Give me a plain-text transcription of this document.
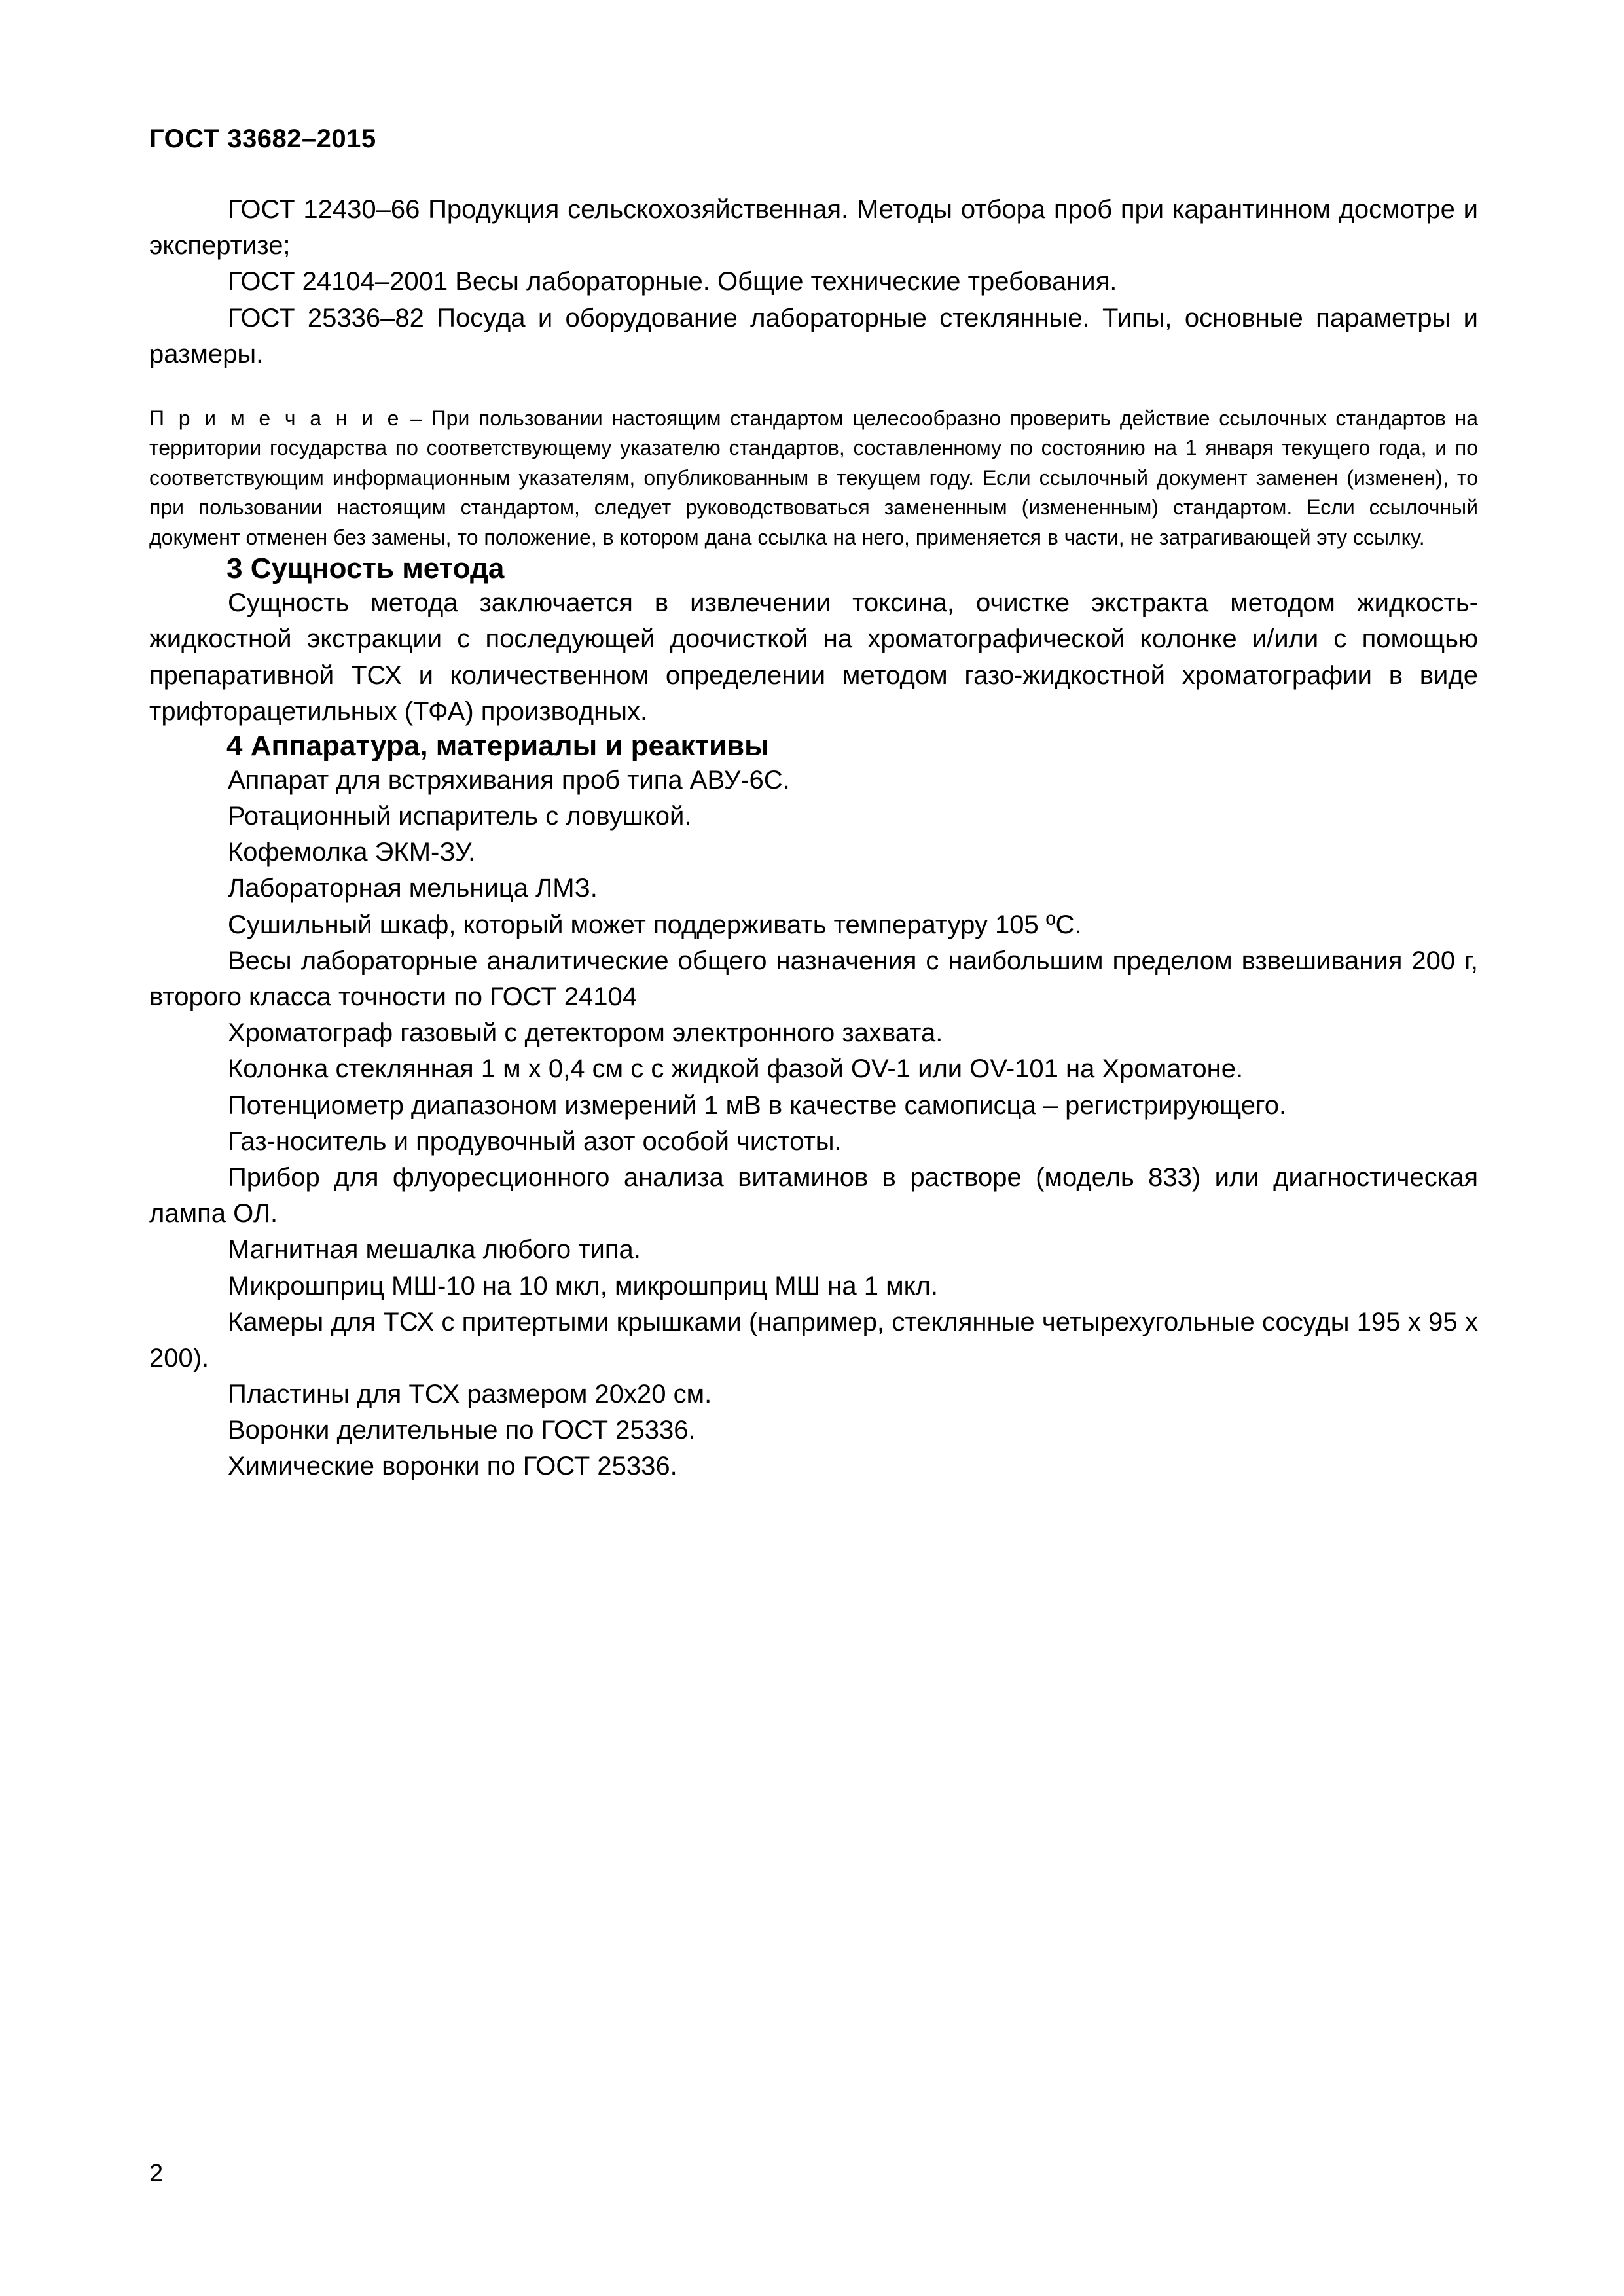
ГОСТ 33682–2015

ГОСТ 12430–66 Продукция сельскохозяйственная. Методы отбора проб при карантинном досмотре и экспертизе;

ГОСТ 24104–2001 Весы лабораторные. Общие технические требования.

ГОСТ 25336–82 Посуда и оборудование лабораторные стеклянные. Типы, основные параметры и размеры.

П р и м е ч а н и е – При пользовании настоящим стандартом целесообразно проверить действие ссылочных стандартов на территории государства по соответствующему указателю стандартов, составленному по состоянию на 1 января текущего года, и по соответствующим информационным указателям, опубликованным в текущем году. Если ссылочный документ заменен (изменен), то при пользовании настоящим стандартом, следует руководствоваться замененным (измененным) стандартом. Если ссылочный документ отменен без замены, то положение, в котором дана ссылка на него, применяется в части, не затрагивающей эту ссылку.

3 Сущность метода

Сущность метода заключается в извлечении токсина, очистке экстракта методом жидкость-жидкостной экстракции с последующей доочисткой на хроматографической колонке и/или с помощью препаративной ТСХ и количественном определении методом газо-жидкостной хроматографии в виде трифторацетильных (ТФА) производных.

4 Аппаратура, материалы и реактивы

Аппарат для встряхивания проб типа АВУ-6С.

Ротационный испаритель с ловушкой.

Кофемолка ЭКМ-ЗУ.

Лабораторная мельница ЛМЗ.

Сушильный шкаф, который может поддерживать температуру 105 ºС.

Весы лабораторные аналитические общего назначения с наибольшим пределом взвешивания 200 г, второго класса точности по ГОСТ 24104

Хроматограф газовый с детектором электронного захвата.

Колонка стеклянная 1 м х 0,4 см с с жидкой фазой OV-1 или OV-101 на Хроматоне.

Потенциометр диапазоном измерений 1 мВ в качестве самописца – регистрирующего.

Газ-носитель и продувочный азот особой чистоты.

Прибор для флуоресционного анализа витаминов в растворе (модель 833) или диагностическая лампа ОЛ.

Магнитная мешалка любого типа.

Микрошприц МШ-10 на 10 мкл, микрошприц МШ на 1 мкл.

Камеры для ТСХ с притертыми крышками (например, стеклянные четырехугольные сосуды 195 х 95 х 200).

Пластины для ТСХ размером 20х20 см.

Воронки делительные по ГОСТ 25336.

Химические воронки по ГОСТ 25336.

2
